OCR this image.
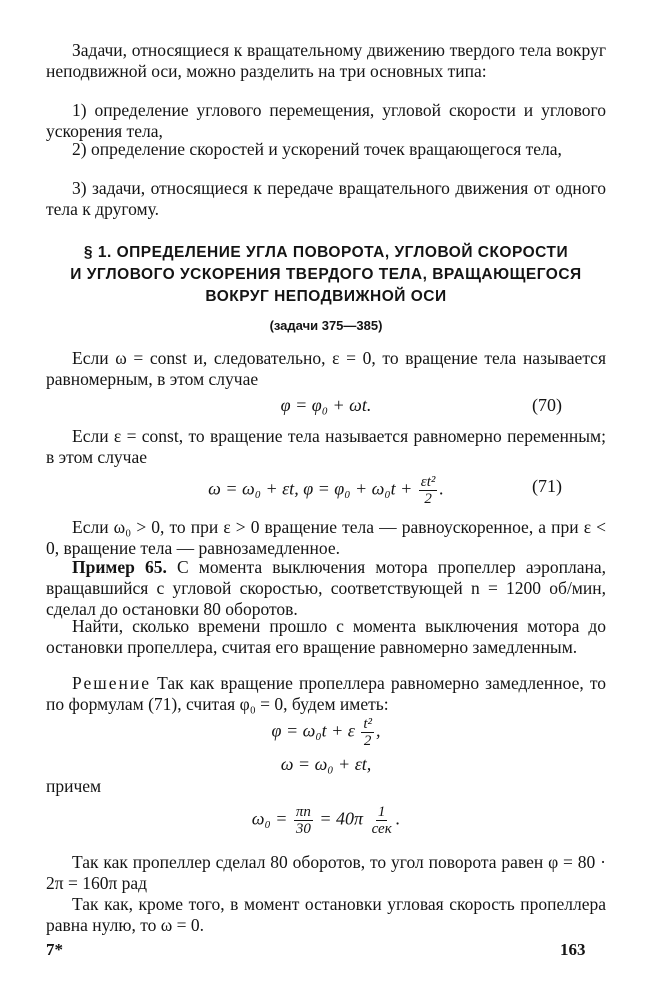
Задачи, относящиеся к вращательному движению твердого тела вокруг неподвижной оси, можно разделить на три основных типа:

1) определение углового перемещения, угловой скорости и углового ускорения тела,

2) определение скоростей и ускорений точек вращающегося тела,

3) задачи, относящиеся к передаче вращательного движения от одного тела к другому.

§ 1. ОПРЕДЕЛЕНИЕ УГЛА ПОВОРОТА, УГЛОВОЙ СКОРОСТИ
И УГЛОВОГО УСКОРЕНИЯ ТВЕРДОГО ТЕЛА, ВРАЩАЮЩЕГОСЯ
ВОКРУГ НЕПОДВИЖНОЙ ОСИ
(задачи 375—385)

Если ω = const и, следовательно, ε = 0, то вращение тела называется равномерным, в этом случае

φ = φ₀ + ωt.	(70)

Если ε = const, то вращение тела называется равномерно переменным; в этом случае

ω = ω₀ + εt, $\varphi = \varphi_0 + \omega_0t + \frac{\text{εt²}}{2}$ .	(71)

Если ω₀ > 0, то при ε > 0 вращение тела — равноускоренное, а при ε < 0, вращение тела — равнозамедленное.

Пример 65. С момента выключения мотора пропеллер аэроплана, вращавшийся с угловой скоростью, соответствующей n = 1200 об/мин, сделал до остановки 80 оборотов.

Найти, сколько времени прошло с момента выключения мотора до остановки пропеллера, считая его вращение равномерно замедленным.

Решение Так как вращение пропеллера равномерно замедленное, то по формулам (71), считая φ₀ = 0, будем иметь:

φ = ω₀t + ε $\frac{\text{t²}}{2}$ ,
ω = ω₀ + εt,

причем

$\omega_0 = \frac{\pi n}{30} = 40\pi \frac{1}{\text{сек}}$ .

Так как пропеллер сделал 80 оборотов, то угол поворота равен φ = 80 · 2π = 160π рад

Так как, кроме того, в момент остановки угловая скорость пропеллера равна нулю, то ω = 0.

7*	163
